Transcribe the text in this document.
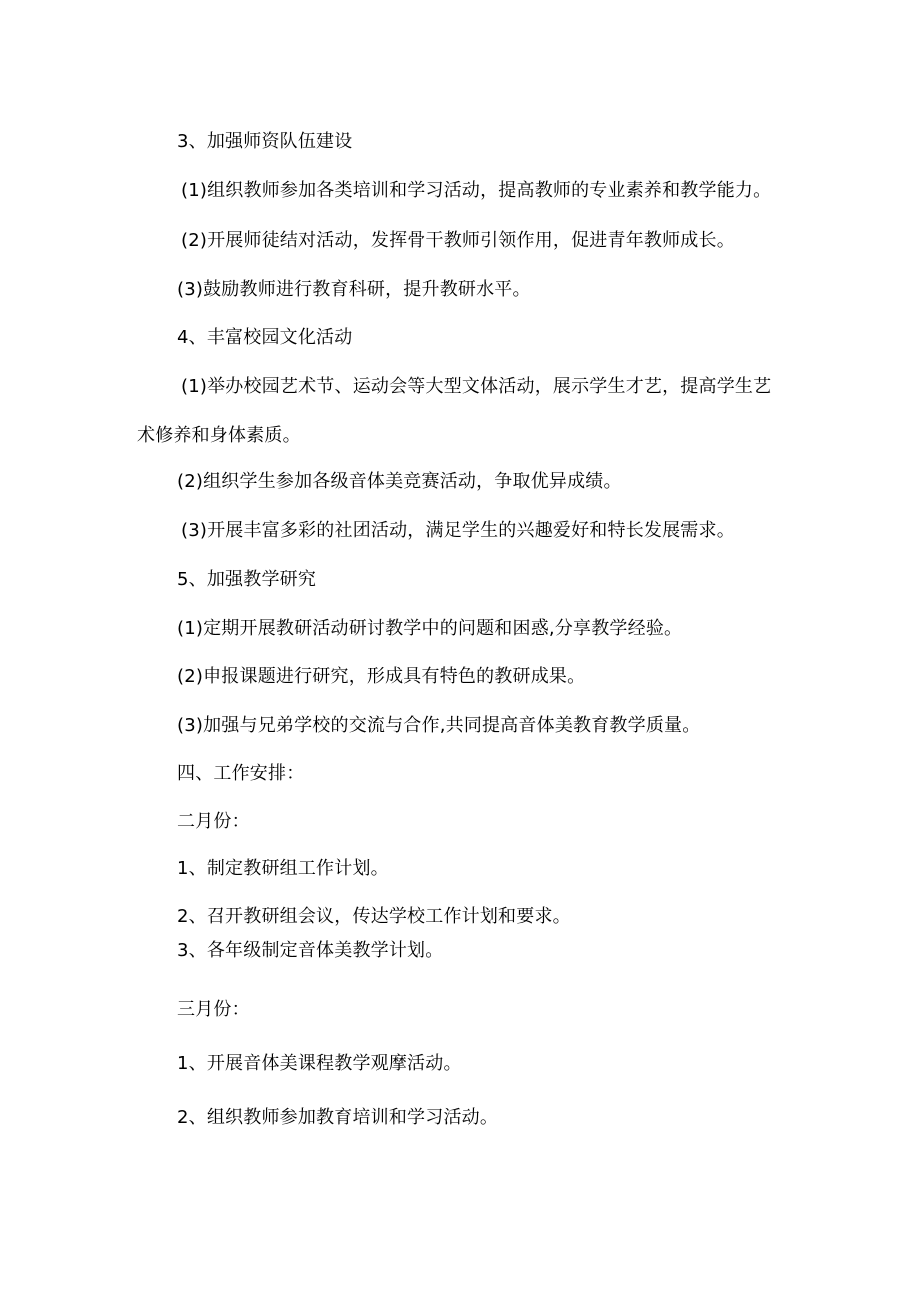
3、加强师资队伍建设
(1)组织教师参加各类培训和学习活动，提高教师的专业素养和教学能力。
(2)开展师徒结对活动，发挥骨干教师引领作用，促进青年教师成长。
(3)鼓励教师进行教育科研，提升教研水平。
4、丰富校园文化活动
(1)举办校园艺术节、运动会等大型文体活动，展示学生才艺，提高学生艺
术修养和身体素质。
(2)组织学生参加各级音体美竞赛活动，争取优异成绩。
(3)开展丰富多彩的社团活动，满足学生的兴趣爱好和特长发展需求。
5、加强教学研究
(1)定期开展教研活动研讨教学中的问题和困惑,分享教学经验。
(2)申报课题进行研究，形成具有特色的教研成果。
(3)加强与兄弟学校的交流与合作,共同提高音体美教育教学质量。
四、工作安排：
二月份：
1、制定教研组工作计划。
2、召开教研组会议，传达学校工作计划和要求。
3、各年级制定音体美教学计划。
三月份：
1、开展音体美课程教学观摩活动。
2、组织教师参加教育培训和学习活动。
